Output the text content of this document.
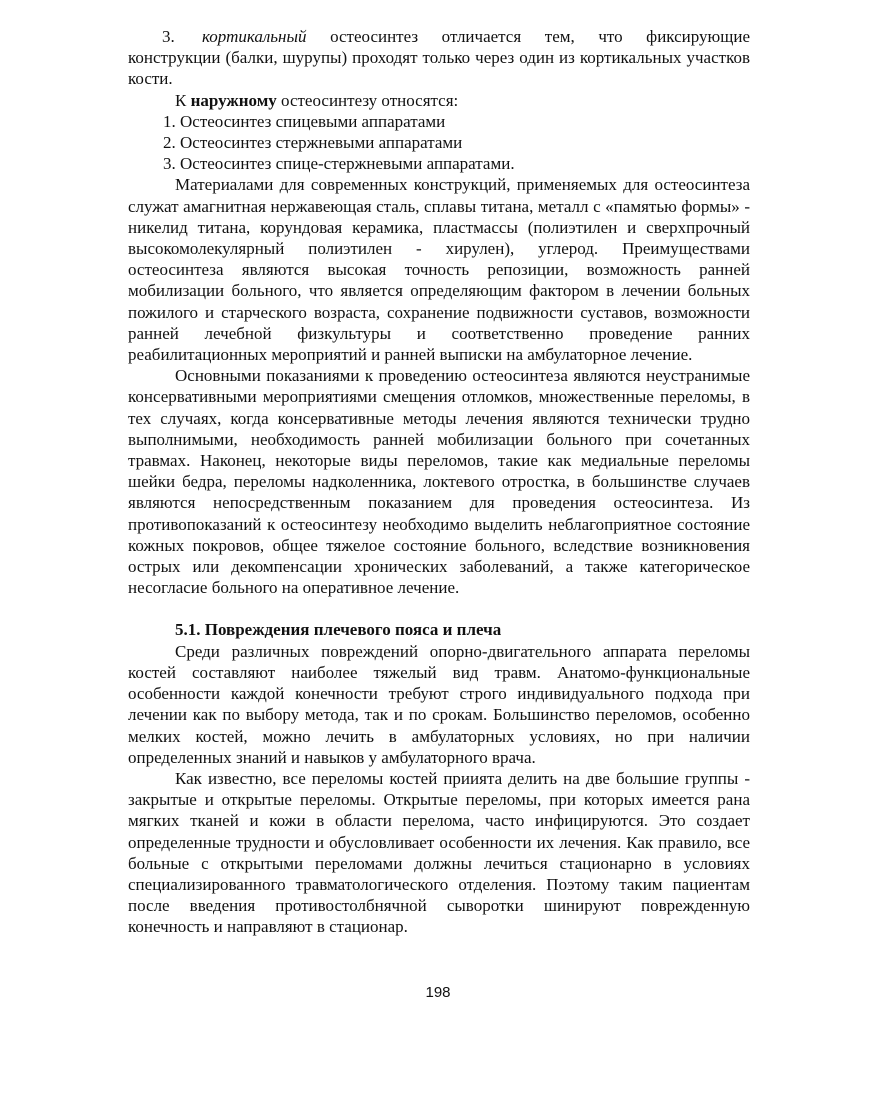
3. кортикальный остеосинтез отличается тем, что фиксирующие конструкции (балки, шурупы) проходят только через один из кортикальных участков кости.

К наружному остеосинтезу относятся:

1. Остеосинтез спицевыми аппаратами
2. Остеосинтез стержневыми аппаратами
3. Остеосинтез спице-стержневыми аппаратами.

Материалами для современных конструкций, применяемых для остеосинтеза служат амагнитная нержавеющая сталь, сплавы титана, металл с «памятью формы» - никелид титана, корундовая керамика, пластмассы (полиэтилен и сверхпрочный высокомолекулярный полиэтилен - хирулен), углерод. Преимуществами остеосинтеза являются высокая точность репозиции, возможность ранней мобилизации больного, что является определяющим фактором в лечении больных пожилого и старческого возраста, сохранение подвижности суставов, возможности ранней лечебной физкультуры и соответственно проведение ранних реабилитационных мероприятий и ранней выписки на амбулаторное лечение.

Основными показаниями к проведению остеосинтеза являются неустранимые консервативными мероприятиями смещения отломков, множественные переломы, в тех случаях, когда консервативные методы лечения являются технически трудно выполнимыми, необходимость ранней мобилизации больного при сочетанных травмах. Наконец, некоторые виды переломов, такие как медиальные переломы шейки бедра, переломы надколенника, локтевого отростка, в большинстве случаев являются непосредственным показанием для проведения остеосинтеза. Из противопоказаний к остеосинтезу необходимо выделить неблагоприятное состояние кожных покровов, общее тяжелое состояние больного, вследствие возникновения острых или декомпенсации хронических заболеваний, а также категорическое несогласие больного на оперативное лечение.

5.1. Повреждения плечевого пояса и плеча

Среди различных повреждений опорно-двигательного аппарата переломы костей составляют наиболее тяжелый вид травм. Анатомо-функциональные особенности каждой конечности требуют строго индивидуального подхода при лечении как по выбору метода, так и по срокам. Большинство переломов, особенно мелких костей, можно лечить в амбулаторных условиях, но при наличии определенных знаний и навыков у амбулаторного врача.

Как известно, все переломы костей приията делить на две большие группы - закрытые и открытые переломы. Открытые переломы, при которых имеется рана мягких тканей и кожи в области перелома, часто инфицируются. Это создает определенные трудности и обусловливает особенности их лечения. Как правило, все больные с открытыми переломами должны лечиться стационарно в условиях специализированного травматологического отделения. Поэтому таким пациентам после введения противостолбнячной сыворотки шинируют поврежденную конечность и направляют в стационар.

198
